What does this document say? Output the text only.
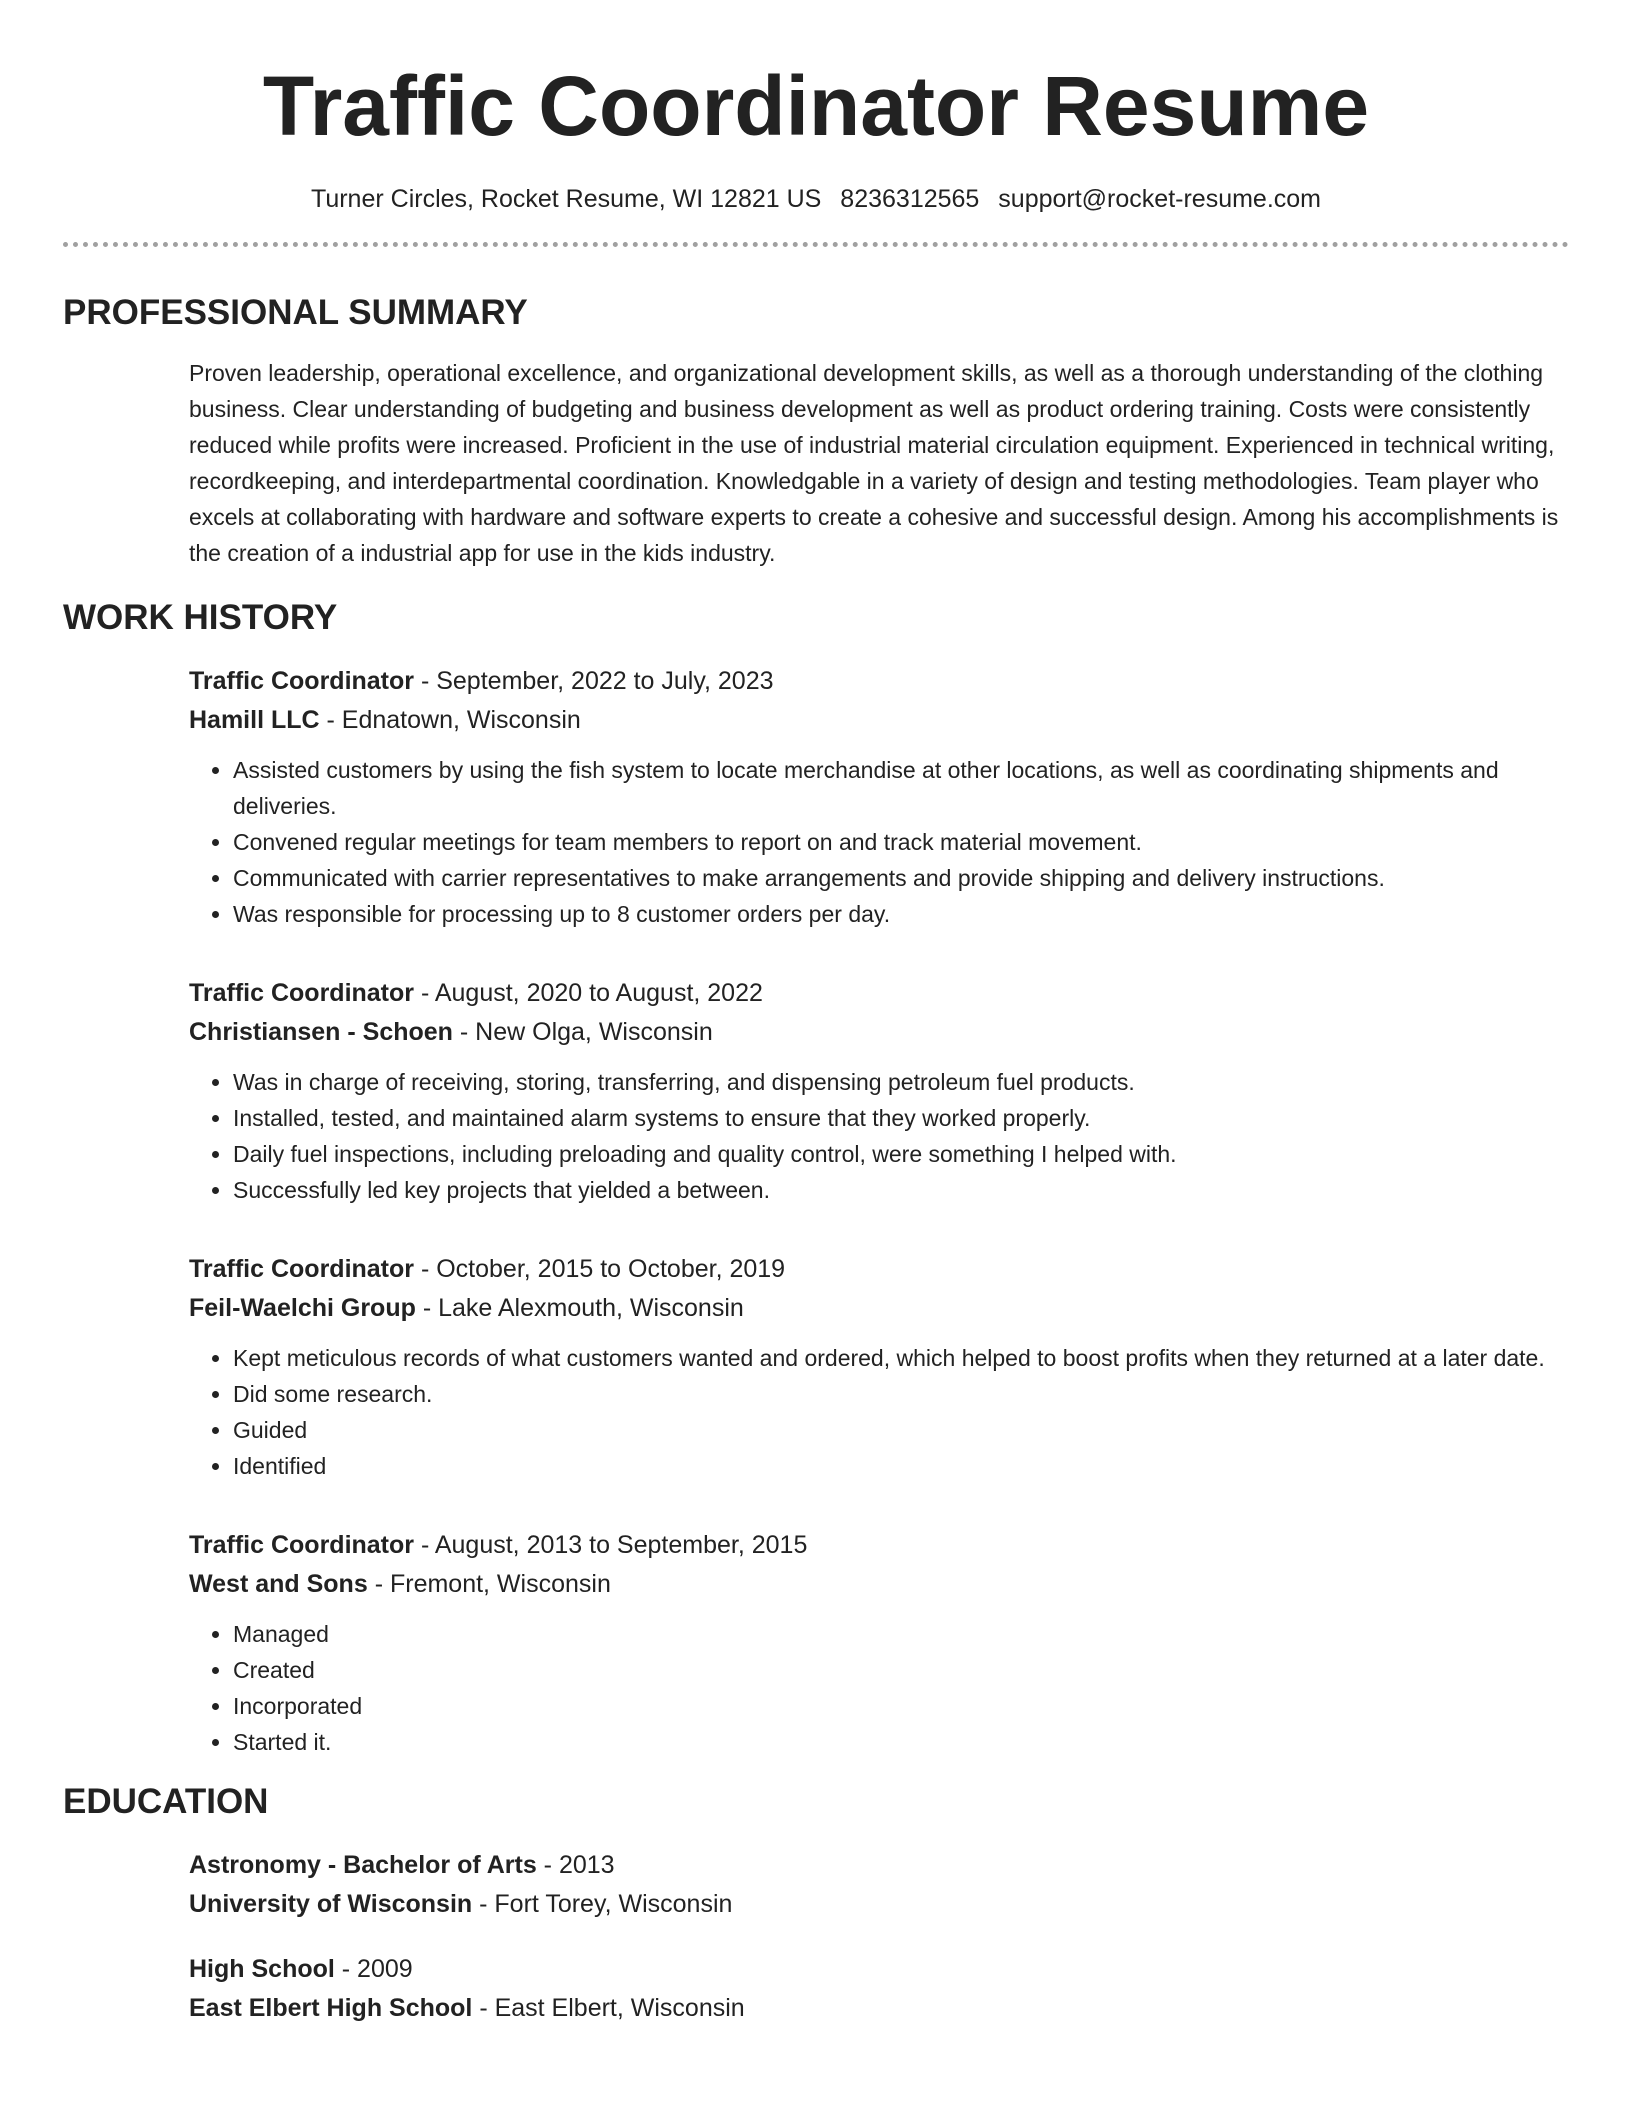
Traffic Coordinator Resume
Turner Circles, Rocket Resume, WI 12821 US 8236312565 support@rocket-resume.com
PROFESSIONAL SUMMARY
Proven leadership, operational excellence, and organizational development skills, as well as a thorough understanding of the clothing business. Clear understanding of budgeting and business development as well as product ordering training. Costs were consistently reduced while profits were increased. Proficient in the use of industrial material circulation equipment. Experienced in technical writing, recordkeeping, and interdepartmental coordination. Knowledgable in a variety of design and testing methodologies. Team player who excels at collaborating with hardware and software experts to create a cohesive and successful design. Among his accomplishments is the creation of a industrial app for use in the kids industry.
WORK HISTORY
Traffic Coordinator - September, 2022 to July, 2023
Hamill LLC - Ednatown, Wisconsin
• Assisted customers by using the fish system to locate merchandise at other locations, as well as coordinating shipments and deliveries.
• Convened regular meetings for team members to report on and track material movement.
• Communicated with carrier representatives to make arrangements and provide shipping and delivery instructions.
• Was responsible for processing up to 8 customer orders per day.
Traffic Coordinator - August, 2020 to August, 2022
Christiansen - Schoen - New Olga, Wisconsin
• Was in charge of receiving, storing, transferring, and dispensing petroleum fuel products.
• Installed, tested, and maintained alarm systems to ensure that they worked properly.
• Daily fuel inspections, including preloading and quality control, were something I helped with.
• Successfully led key projects that yielded a between.
Traffic Coordinator - October, 2015 to October, 2019
Feil-Waelchi Group - Lake Alexmouth, Wisconsin
• Kept meticulous records of what customers wanted and ordered, which helped to boost profits when they returned at a later date.
• Did some research.
• Guided
• Identified
Traffic Coordinator - August, 2013 to September, 2015
West and Sons - Fremont, Wisconsin
• Managed
• Created
• Incorporated
• Started it.
EDUCATION
Astronomy - Bachelor of Arts - 2013
University of Wisconsin - Fort Torey, Wisconsin
High School - 2009
East Elbert High School - East Elbert, Wisconsin
